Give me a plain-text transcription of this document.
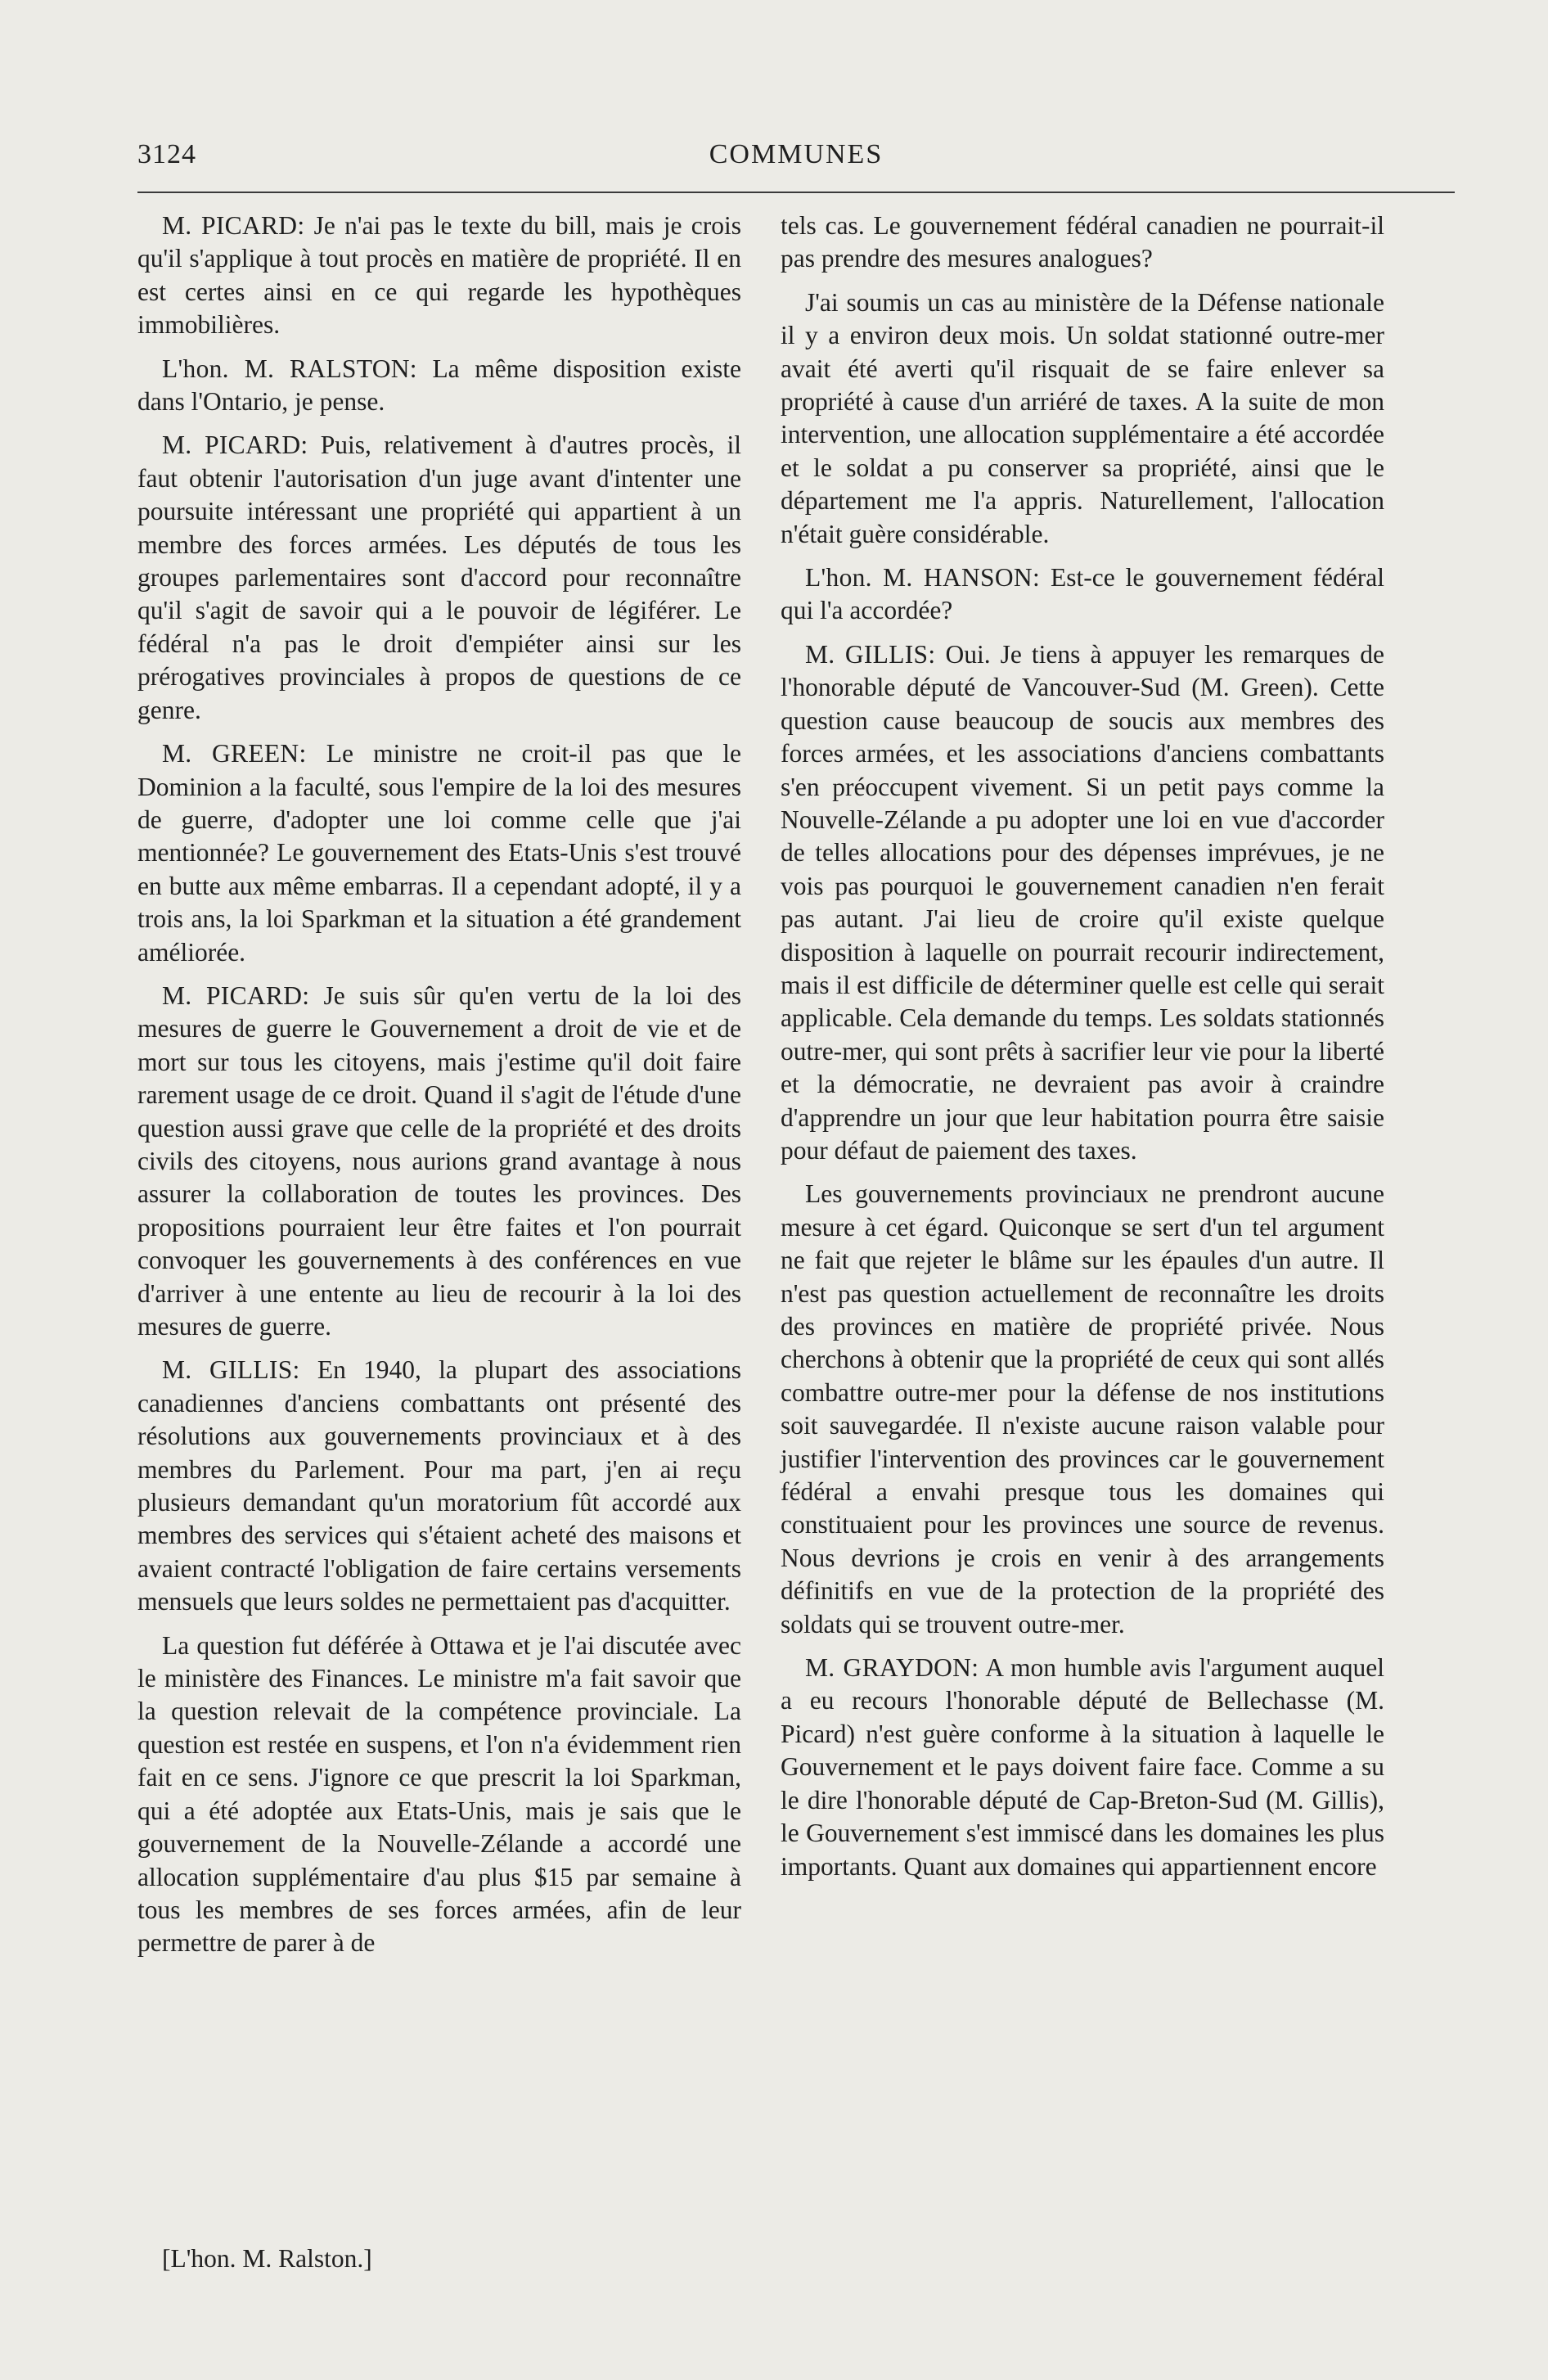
3124	COMMUNES

M. PICARD: Je n'ai pas le texte du bill, mais je crois qu'il s'applique à tout procès en matière de propriété. Il en est certes ainsi en ce qui regarde les hypothèques immobilières.

L'hon. M. RALSTON: La même disposition existe dans l'Ontario, je pense.

M. PICARD: Puis, relativement à d'autres procès, il faut obtenir l'autorisation d'un juge avant d'intenter une poursuite intéressant une propriété qui appartient à un membre des forces armées. Les députés de tous les groupes parlementaires sont d'accord pour reconnaître qu'il s'agit de savoir qui a le pouvoir de légiférer. Le fédéral n'a pas le droit d'empiéter ainsi sur les prérogatives provinciales à propos de questions de ce genre.

M. GREEN: Le ministre ne croit-il pas que le Dominion a la faculté, sous l'empire de la loi des mesures de guerre, d'adopter une loi comme celle que j'ai mentionnée? Le gouvernement des Etats-Unis s'est trouvé en butte aux même embarras. Il a cependant adopté, il y a trois ans, la loi Sparkman et la situation a été grandement améliorée.

M. PICARD: Je suis sûr qu'en vertu de la loi des mesures de guerre le Gouvernement a droit de vie et de mort sur tous les citoyens, mais j'estime qu'il doit faire rarement usage de ce droit. Quand il s'agit de l'étude d'une question aussi grave que celle de la propriété et des droits civils des citoyens, nous aurions grand avantage à nous assurer la collaboration de toutes les provinces. Des propositions pourraient leur être faites et l'on pourrait convoquer les gouvernements à des conférences en vue d'arriver à une entente au lieu de recourir à la loi des mesures de guerre.

M. GILLIS: En 1940, la plupart des associations canadiennes d'anciens combattants ont présenté des résolutions aux gouvernements provinciaux et à des membres du Parlement. Pour ma part, j'en ai reçu plusieurs demandant qu'un moratorium fût accordé aux membres des services qui s'étaient acheté des maisons et avaient contracté l'obligation de faire certains versements mensuels que leurs soldes ne permettaient pas d'acquitter.

La question fut déférée à Ottawa et je l'ai discutée avec le ministère des Finances. Le ministre m'a fait savoir que la question relevait de la compétence provinciale. La question est restée en suspens, et l'on n'a évidemment rien fait en ce sens. J'ignore ce que prescrit la loi Sparkman, qui a été adoptée aux Etats-Unis, mais je sais que le gouvernement de la Nouvelle-Zélande a accordé une allocation supplémentaire d'au plus $15 par semaine à tous les membres de ses forces armées, afin de leur permettre de parer à de

tels cas. Le gouvernement fédéral canadien ne pourrait-il pas prendre des mesures analogues?

J'ai soumis un cas au ministère de la Défense nationale il y a environ deux mois. Un soldat stationné outre-mer avait été averti qu'il risquait de se faire enlever sa propriété à cause d'un arriéré de taxes. A la suite de mon intervention, une allocation supplémentaire a été accordée et le soldat a pu conserver sa propriété, ainsi que le département me l'a appris. Naturellement, l'allocation n'était guère considérable.

L'hon. M. HANSON: Est-ce le gouvernement fédéral qui l'a accordée?

M. GILLIS: Oui. Je tiens à appuyer les remarques de l'honorable député de Vancouver-Sud (M. Green). Cette question cause beaucoup de soucis aux membres des forces armées, et les associations d'anciens combattants s'en préoccupent vivement. Si un petit pays comme la Nouvelle-Zélande a pu adopter une loi en vue d'accorder de telles allocations pour des dépenses imprévues, je ne vois pas pourquoi le gouvernement canadien n'en ferait pas autant. J'ai lieu de croire qu'il existe quelque disposition à laquelle on pourrait recourir indirectement, mais il est difficile de déterminer quelle est celle qui serait applicable. Cela demande du temps. Les soldats stationnés outre-mer, qui sont prêts à sacrifier leur vie pour la liberté et la démocratie, ne devraient pas avoir à craindre d'apprendre un jour que leur habitation pourra être saisie pour défaut de paiement des taxes.

Les gouvernements provinciaux ne prendront aucune mesure à cet égard. Quiconque se sert d'un tel argument ne fait que rejeter le blâme sur les épaules d'un autre. Il n'est pas question actuellement de reconnaître les droits des provinces en matière de propriété privée. Nous cherchons à obtenir que la propriété de ceux qui sont allés combattre outre-mer pour la défense de nos institutions soit sauvegardée. Il n'existe aucune raison valable pour justifier l'intervention des provinces car le gouvernement fédéral a envahi presque tous les domaines qui constituaient pour les provinces une source de revenus. Nous devrions je crois en venir à des arrangements définitifs en vue de la protection de la propriété des soldats qui se trouvent outre-mer.

M. GRAYDON: A mon humble avis l'argument auquel a eu recours l'honorable député de Bellechasse (M. Picard) n'est guère conforme à la situation à laquelle le Gouvernement et le pays doivent faire face. Comme a su le dire l'honorable député de Cap-Breton-Sud (M. Gillis), le Gouvernement s'est immiscé dans les domaines les plus importants. Quant aux domaines qui appartiennent encore

[L'hon. M. Ralston.]
